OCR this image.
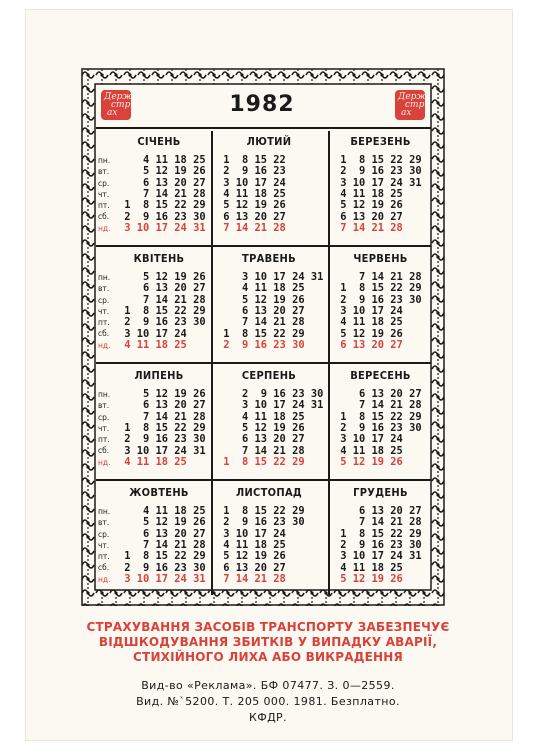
Держ
стр
ах
Держ
стр
ах
1982
СІЧЕНЬ
пн.
вт.
ср.
чт.
пт.
сб.
нд.
4 11 18 25
5 12 19 26
6 13 20 27
7 14 21 28
1  8 15 22 29
2  9 16 23 30
3 10 17 24 31
ЛЮТИЙ
1  8 15 22
2  9 16 23
3 10 17 24
4 11 18 25
5 12 19 26
6 13 20 27
7 14 21 28
БЕРЕЗЕНЬ
1  8 15 22 29
2  9 16 23 30
3 10 17 24 31
4 11 18 25
5 12 19 26
6 13 20 27
7 14 21 28
КВІТЕНЬ
пн.
вт.
ср.
чт.
пт.
сб.
нд.
5 12 19 26
6 13 20 27
7 14 21 28
1  8 15 22 29
2  9 16 23 30
3 10 17 24
4 11 18 25
ТРАВЕНЬ
3 10 17 24 31
4 11 18 25
5 12 19 26
6 13 20 27
7 14 21 28
1  8 15 22 29
2  9 16 23 30
ЧЕРВЕНЬ
7 14 21 28
1  8 15 22 29
2  9 16 23 30
3 10 17 24
4 11 18 25
5 12 19 26
6 13 20 27
ЛИПЕНЬ
пн.
вт.
ср.
чт.
пт.
сб.
нд.
5 12 19 26
6 13 20 27
7 14 21 28
1  8 15 22 29
2  9 16 23 30
3 10 17 24 31
4 11 18 25
СЕРПЕНЬ
2  9 16 23 30
3 10 17 24 31
4 11 18 25
5 12 19 26
6 13 20 27
7 14 21 28
1  8 15 22 29
ВЕРЕСЕНЬ
6 13 20 27
7 14 21 28
1  8 15 22 29
2  9 16 23 30
3 10 17 24
4 11 18 25
5 12 19 26
ЖОВТЕНЬ
пн.
вт.
ср.
чт.
пт.
сб.
нд.
4 11 18 25
5 12 19 26
6 13 20 27
7 14 21 28
1  8 15 22 29
2  9 16 23 30
3 10 17 24 31
ЛИСТОПАД
1  8 15 22 29
2  9 16 23 30
3 10 17 24
4 11 18 25
5 12 19 26
6 13 20 27
7 14 21 28
ГРУДЕНЬ
6 13 20 27
7 14 21 28
1  8 15 22 29
2  9 16 23 30
3 10 17 24 31
4 11 18 25
5 12 19 26
СТРАХУВАННЯ ЗАСОБІВ ТРАНСПОРТУ ЗАБЕЗПЕЧУЄ
ВІДШКОДУВАННЯ ЗБИТКІВ У ВИПАДКУ АВАРІЇ,
СТИХІЙНОГО ЛИХА АБО ВИКРАДЕННЯ
Вид-во «Реклама». БФ 07477. З. 0—2559.
Вид. №`5200. Т. 205 000. 1981. Безплатно.
КФДР.
